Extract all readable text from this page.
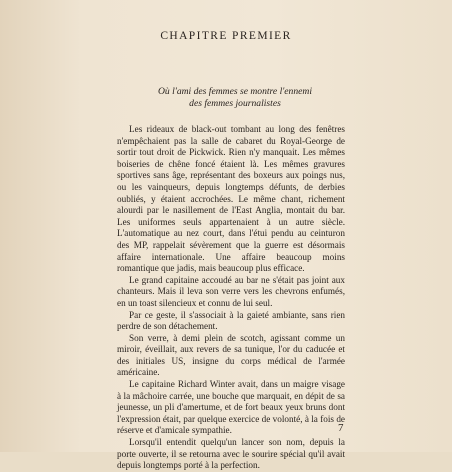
CHAPITRE PREMIER
Où l'ami des femmes se montre l'ennemi
des femmes journalistes

Les rideaux de black-out tombant au long des fenêtres n'empêchaient pas la salle de cabaret du Royal-George de sortir tout droit de Pickwick. Rien n'y manquait. Les mêmes boiseries de chêne foncé étaient là. Les mêmes gravures sportives sans âge, représentant des boxeurs aux poings nus, ou les vainqueurs, depuis longtemps défunts, de derbies oubliés, y étaient accrochées. Le même chant, richement alourdi par le nasillement de l'East Anglia, montait du bar. Les uniformes seuls appartenaient à un autre siècle. L'automatique au nez court, dans l'étui pendu au ceinturon des MP, rappelait sévèrement que la guerre est désormais affaire internationale. Une affaire beaucoup moins romantique que jadis, mais beaucoup plus efficace.

Le grand capitaine accoudé au bar ne s'était pas joint aux chanteurs. Mais il leva son verre vers les chevrons enfumés, en un toast silencieux et connu de lui seul.

Par ce geste, il s'associait à la gaieté ambiante, sans rien perdre de son détachement.

Son verre, à demi plein de scotch, agissant comme un miroir, éveillait, aux revers de sa tunique, l'or du caducée et des initiales US, insigne du corps médical de l'armée américaine.

Le capitaine Richard Winter avait, dans un maigre visage à la mâchoire carrée, une bouche que marquait, en dépit de sa jeunesse, un pli d'amertume, et de fort beaux yeux bruns dont l'expression était, par quelque exercice de volonté, à la fois de réserve et d'amicale sympathie.

Lorsqu'il entendit quelqu'un lancer son nom, depuis la porte ouverte, il se retourna avec le sourire spécial qu'il avait depuis longtemps porté à la perfection.

7
